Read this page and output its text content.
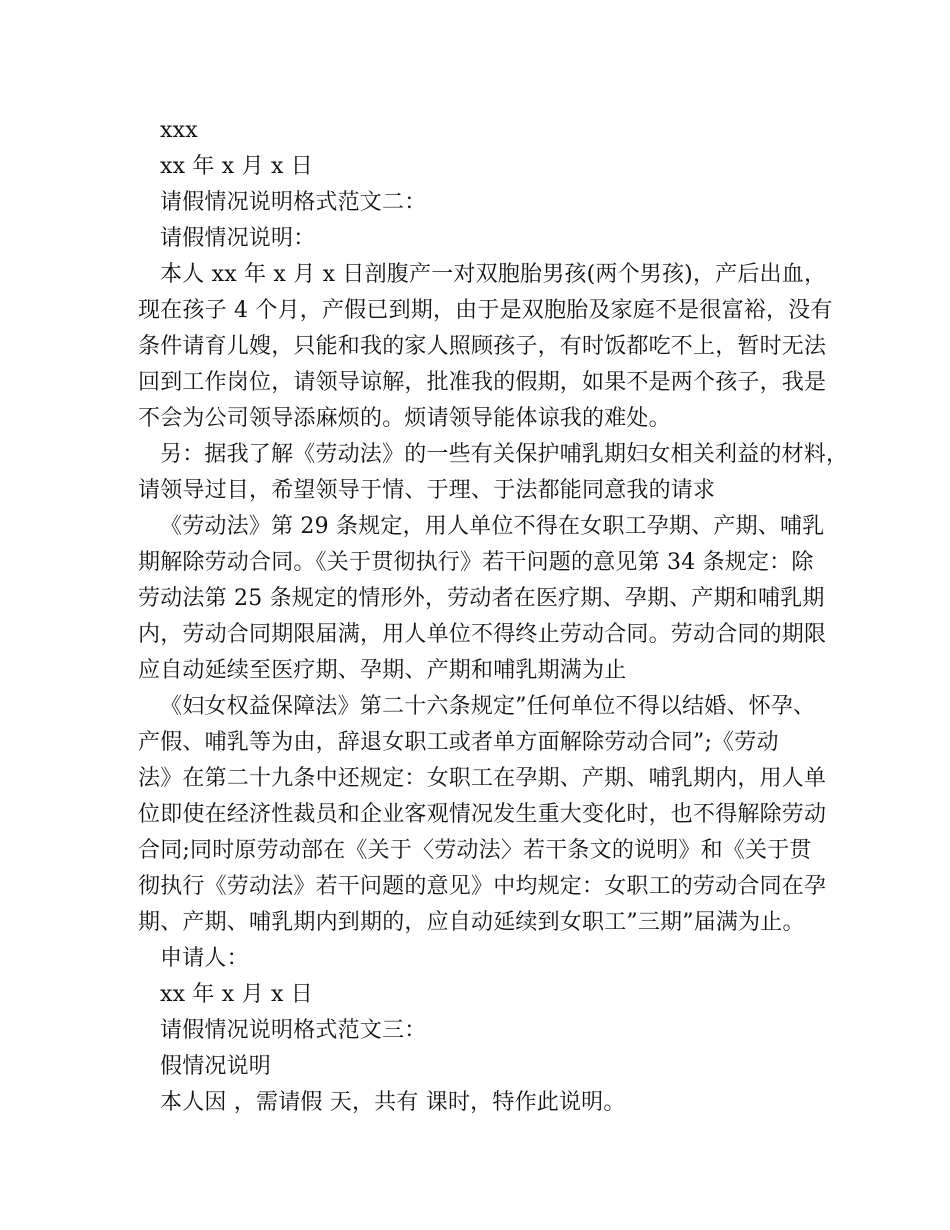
xxx
xx 年 x 月 x 日
请假情况说明格式范文二：
请假情况说明：
本人 xx 年 x 月 x 日剖腹产一对双胞胎男孩(两个男孩)，产后出血，
现在孩子 4 个月，产假已到期，由于是双胞胎及家庭不是很富裕，没有
条件请育儿嫂，只能和我的家人照顾孩子，有时饭都吃不上，暂时无法
回到工作岗位，请领导谅解，批准我的假期，如果不是两个孩子，我是
不会为公司领导添麻烦的。烦请领导能体谅我的难处。
另：据我了解《劳动法》的一些有关保护哺乳期妇女相关利益的材料，
请领导过目，希望领导于情、于理、于法都能同意我的请求
《劳动法》第 29 条规定，用人单位不得在女职工孕期、产期、哺乳
期解除劳动合同。《关于贯彻执行》若干问题的意见第 34 条规定：除
劳动法第 25 条规定的情形外，劳动者在医疗期、孕期、产期和哺乳期
内，劳动合同期限届满，用人单位不得终止劳动合同。劳动合同的期限
应自动延续至医疗期、孕期、产期和哺乳期满为止
《妇女权益保障法》第二十六条规定”任何单位不得以结婚、怀孕、
产假、哺乳等为由，辞退女职工或者单方面解除劳动合同”;《劳动
法》在第二十九条中还规定：女职工在孕期、产期、哺乳期内，用人单
位即使在经济性裁员和企业客观情况发生重大变化时，也不得解除劳动
合同;同时原劳动部在《关于〈劳动法〉若干条文的说明》和《关于贯
彻执行《劳动法》若干问题的意见》中均规定：女职工的劳动合同在孕
期、产期、哺乳期内到期的，应自动延续到女职工”三期”届满为止。
申请人：
xx 年 x 月 x 日
请假情况说明格式范文三：
假情况说明
本人因 ，需请假 天，共有 课时，特作此说明。
